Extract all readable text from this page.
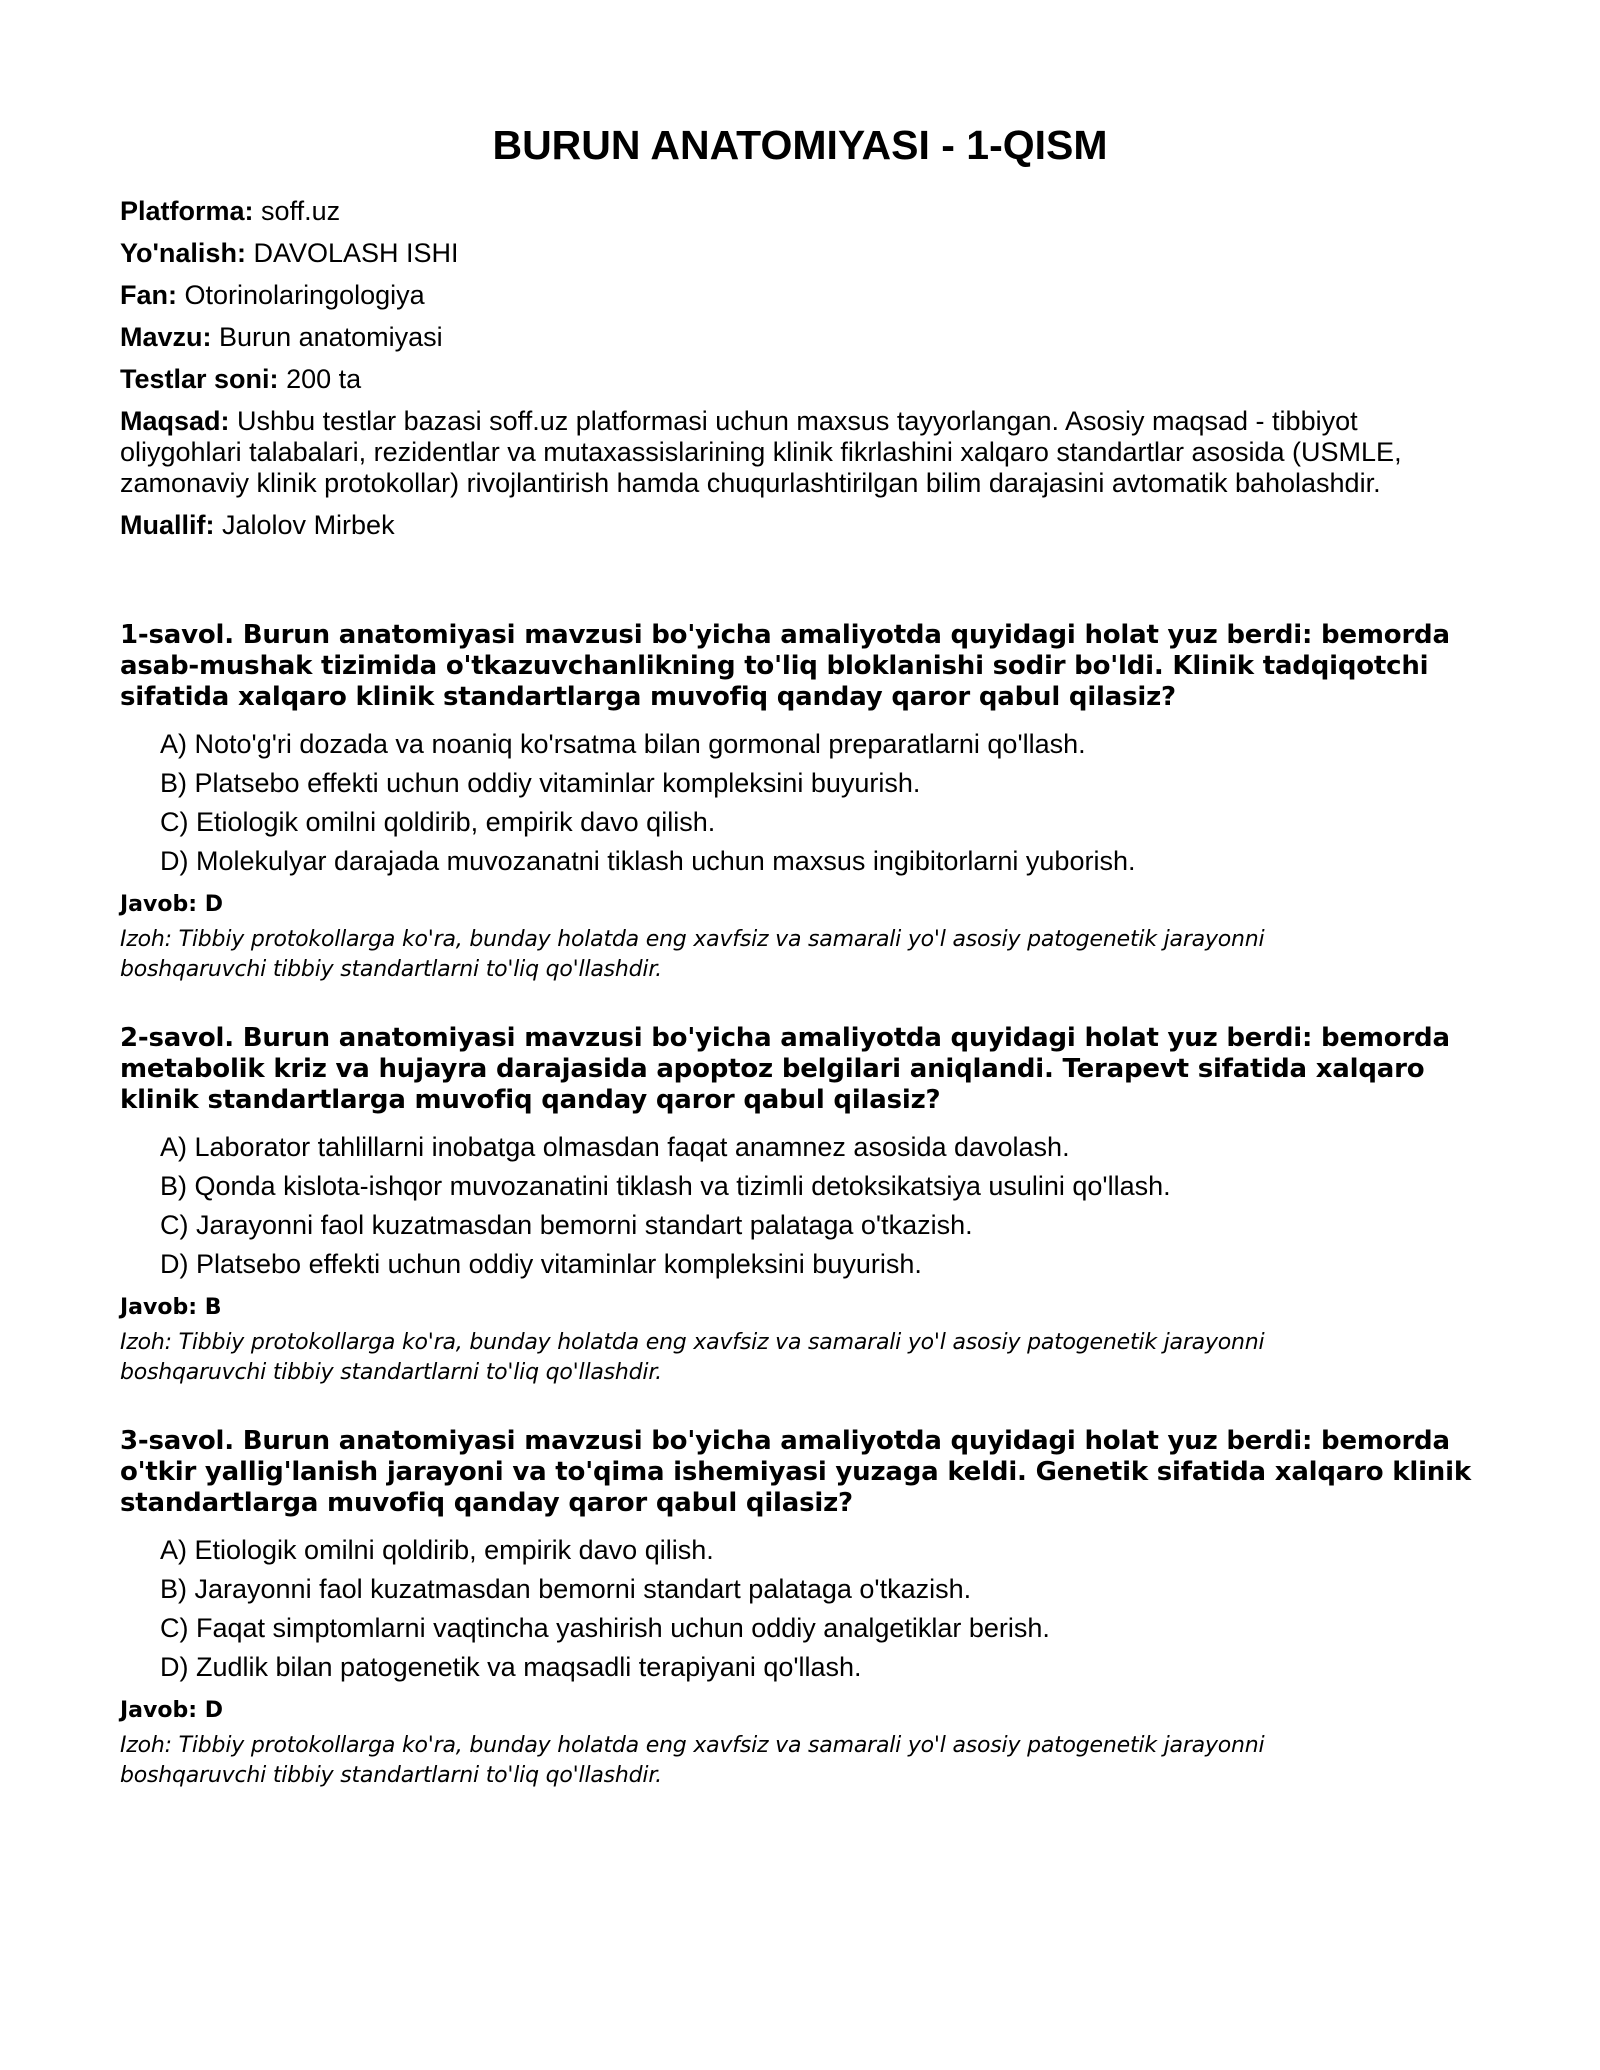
BURUN ANATOMIYASI - 1-QISM

Platforma: soff.uz

Yo'nalish: DAVOLASH ISHI

Fan: Otorinolaringologiya

Mavzu: Burun anatomiyasi

Testlar soni: 200 ta

Maqsad: Ushbu testlar bazasi soff.uz platformasi uchun maxsus tayyorlangan. Asosiy maqsad - tibbiyot oliygohlari talabalari, rezidentlar va mutaxassislarining klinik fikrlashini xalqaro standartlar asosida (USMLE, zamonaviy klinik protokollar) rivojlantirish hamda chuqurlashtirilgan bilim darajasini avtomatik baholashdir.

Muallif: Jalolov Mirbek

1-savol. Burun anatomiyasi mavzusi bo'yicha amaliyotda quyidagi holat yuz berdi: bemorda asab-mushak tizimida o'tkazuvchanlikning to'liq bloklanishi sodir bo'ldi. Klinik tadqiqotchi sifatida xalqaro klinik standartlarga muvofiq qanday qaror qabul qilasiz?

A) Noto'g'ri dozada va noaniq ko'rsatma bilan gormonal preparatlarni qo'llash.

B) Platsebo effekti uchun oddiy vitaminlar kompleksini buyurish.

C) Etiologik omilni qoldirib, empirik davo qilish.

D) Molekulyar darajada muvozanatni tiklash uchun maxsus ingibitorlarni yuborish.

Javob: D

Izoh: Tibbiy protokollarga ko'ra, bunday holatda eng xavfsiz va samarali yo'l asosiy patogenetik jarayonni boshqaruvchi tibbiy standartlarni to'liq qo'llashdir.

2-savol. Burun anatomiyasi mavzusi bo'yicha amaliyotda quyidagi holat yuz berdi: bemorda metabolik kriz va hujayra darajasida apoptoz belgilari aniqlandi. Terapevt sifatida xalqaro klinik standartlarga muvofiq qanday qaror qabul qilasiz?

A) Laborator tahlillarni inobatga olmasdan faqat anamnez asosida davolash.

B) Qonda kislota-ishqor muvozanatini tiklash va tizimli detoksikatsiya usulini qo'llash.

C) Jarayonni faol kuzatmasdan bemorni standart palataga o'tkazish.

D) Platsebo effekti uchun oddiy vitaminlar kompleksini buyurish.

Javob: B

Izoh: Tibbiy protokollarga ko'ra, bunday holatda eng xavfsiz va samarali yo'l asosiy patogenetik jarayonni boshqaruvchi tibbiy standartlarni to'liq qo'llashdir.

3-savol. Burun anatomiyasi mavzusi bo'yicha amaliyotda quyidagi holat yuz berdi: bemorda o'tkir yallig'lanish jarayoni va to'qima ishemiyasi yuzaga keldi. Genetik sifatida xalqaro klinik standartlarga muvofiq qanday qaror qabul qilasiz?

A) Etiologik omilni qoldirib, empirik davo qilish.

B) Jarayonni faol kuzatmasdan bemorni standart palataga o'tkazish.

C) Faqat simptomlarni vaqtincha yashirish uchun oddiy analgetiklar berish.

D) Zudlik bilan patogenetik va maqsadli terapiyani qo'llash.

Javob: D

Izoh: Tibbiy protokollarga ko'ra, bunday holatda eng xavfsiz va samarali yo'l asosiy patogenetik jarayonni boshqaruvchi tibbiy standartlarni to'liq qo'llashdir.
